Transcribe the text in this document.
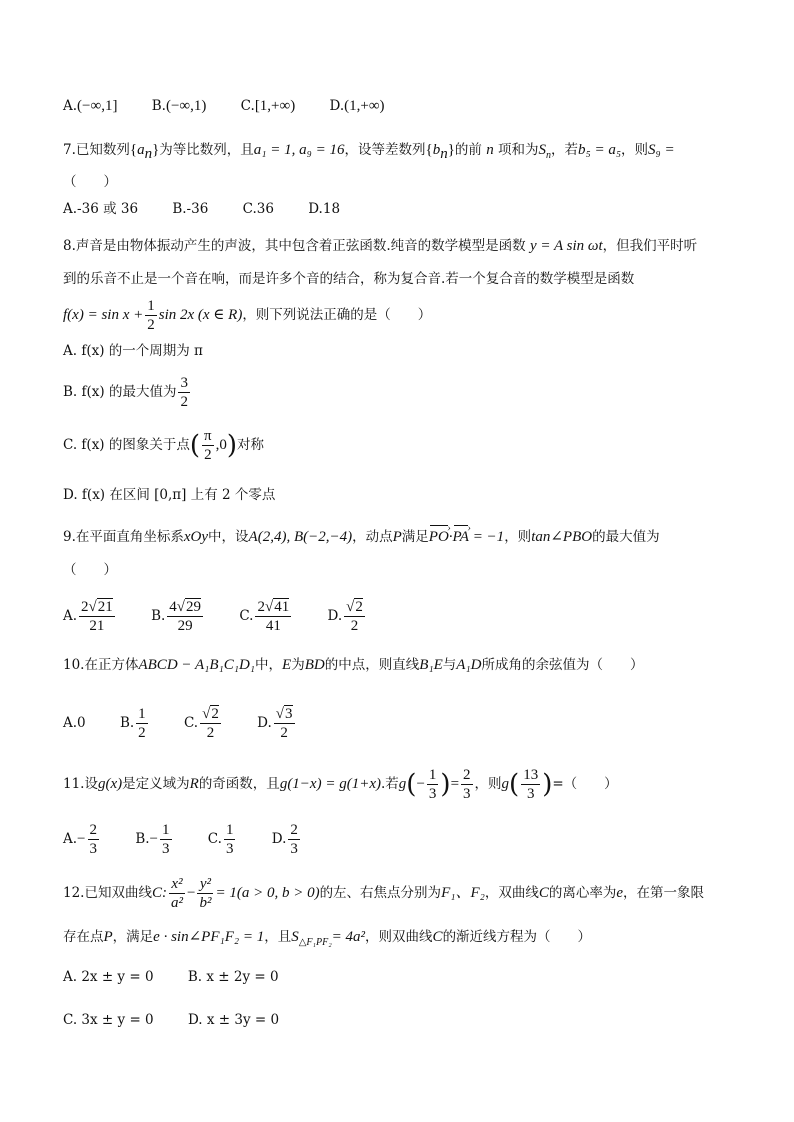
A.(−∞,1]	B.(−∞,1)	C.[1,+∞)	D.(1,+∞)
7.已知数列$\{a_n\}$为等比数列，且a₁ = 1, a₉ = 16，设等差数列$\{b_n\}$的前 n 项和为$S_n$，若b₅ = a₅，则S₉ =
（　　）
A.-36 或 36	B.-36	C.36	D.18
8.声音是由物体振动产生的声波，其中包含着正弦函数.纯音的数学模型是函数 y = A sin ωt，但我们平时听
到的乐音不止是一个音在响，而是许多个音的结合，称为复合音.若一个复合音的数学模型是函数
$f(x) = \sin x + \frac{1}{2}$ sin 2x (x ∈ R)，则下列说法正确的是（　　）
A. f(x) 的一个周期为 π
B. f(x) 的最大值为 $\frac{3}{2}$
C. f(x) 的图象关于点( $\frac{\pi}{2} ,0$)对称
D. f(x) 在区间 [0,π] 上有 2 个零点
9.在平面直角坐标系xOy中，设A(2,4), B(−2,−4)，动点P满足PO ›·PA › = −1，则tan∠PBO的最大值为
（　　）
A. $\frac{2√21}{21}$	B. $\frac{4√29}{29}$	C. $\frac{2√41}{41}$	D. $\frac{√2}{2}$
10.在正方体ABCD − A₁B₁C₁D₁中，E为BD的中点，则直线B₁E与A₁D所成角的余弦值为（　　）
A.0	B. $\frac{1}{2}$	C. $\frac{√2}{2}$	D. $\frac{√3}{2}$
11.设g(x)是定义域为R的奇函数，且g(1−x) = g(1+x).若$g(- \frac{1}{3}$ )= $\frac{2}{3}$ ，则$g( \frac{13}{3}$ )=（　　）
$A.- \frac{2}{3}$	$B.- \frac{1}{3}$	C. $\frac{1}{3}$	D. $\frac{2}{3}$
12.已知双曲线C: $\frac{\text{x²}}{\text{a²}} - \frac{\text{y²}}{\text{b²}} = 1(a > 0$, b > 0)的左、右焦点分别为F₁、F₂，双曲线C的离心率为e，在第一象限
存在点P，满足e · sin∠PF₁F₂ = 1，且$S_{\triangle F_1PF_2}= 4a^2$，则双曲线C的渐近线方程为（　　）
A. 2x ± y = 0	B. x ± 2y = 0
C. 3x ± y = 0	D. x ± 3y = 0
